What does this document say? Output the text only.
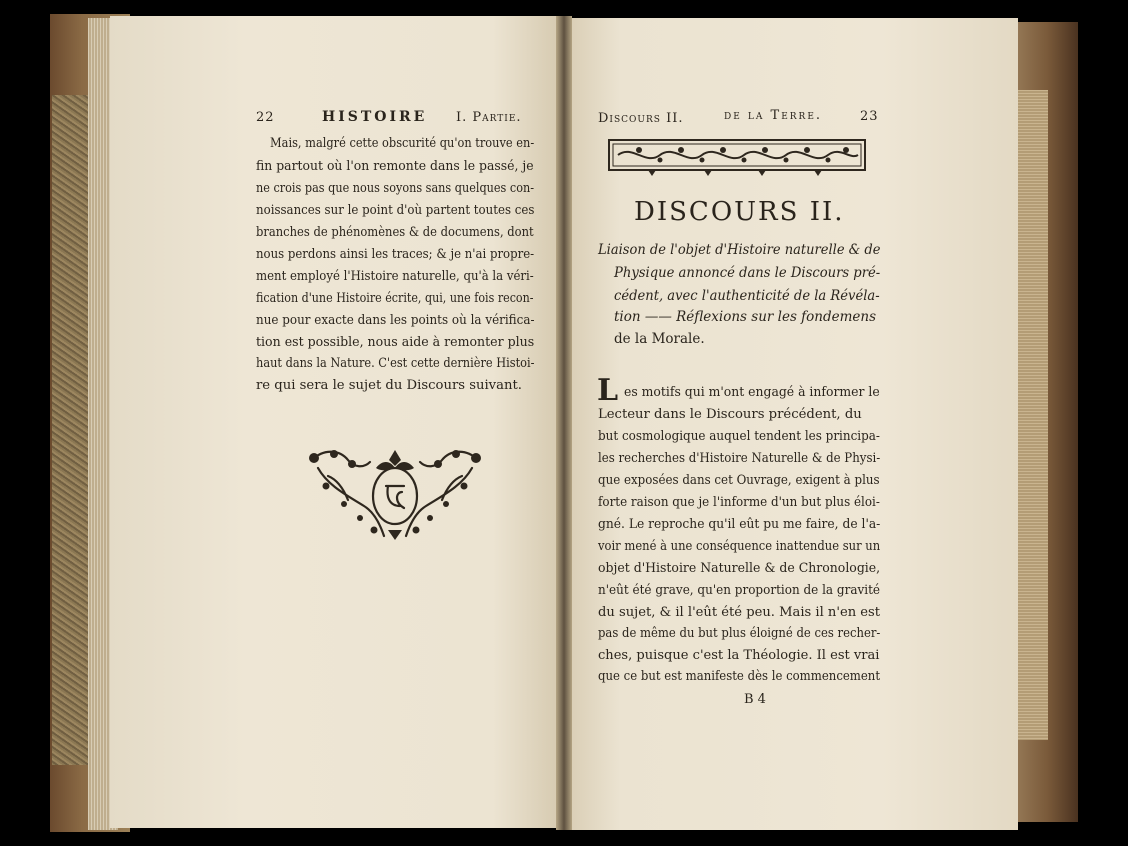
22	HISTOIRE I. Partie.
Mais, malgré cette obscurité qu'on trouve en-
fin partout où l'on remonte dans le passé, je
ne crois pas que nous soyons sans quelques con-
noissances sur le point d'où partent toutes ces
branches de phénomènes & de documens, dont
nous perdons ainsi les traces; & je n'ai propre-
ment employé l'Histoire naturelle, qu'à la véri-
fication d'une Histoire écrite, qui, une fois recon-
nue pour exacte dans les points où la vérifica-
tion est possible, nous aide à remonter plus
haut dans la Nature. C'est cette dernière Histoi-
re qui sera le sujet du Discours suivant.
Discours II.	de la Terre.	23
DISCOURS II.
Liaison de l'objet d'Histoire naturelle & de
Physique annoncé dans le Discours pré-
cédent, avec l'authenticité de la Révéla-
tion —— Réflexions sur les fondemens
de la Morale.
L es motifs qui m'ont engagé à informer le
Lecteur dans le Discours précédent, du
but cosmologique auquel tendent les principa-
les recherches d'Histoire Naturelle & de Physi-
que exposées dans cet Ouvrage, exigent à plus
forte raison que je l'informe d'un but plus éloi-
gné. Le reproche qu'il eût pu me faire, de l'a-
voir mené à une conséquence inattendue sur un
objet d'Histoire Naturelle & de Chronologie,
n'eût été grave, qu'en proportion de la gravité
du sujet, & il l'eût été peu. Mais il n'en est
pas de même du but plus éloigné de ces recher-
ches, puisque c'est la Théologie. Il est vrai
que ce but est manifeste dès le commencement
B 4
